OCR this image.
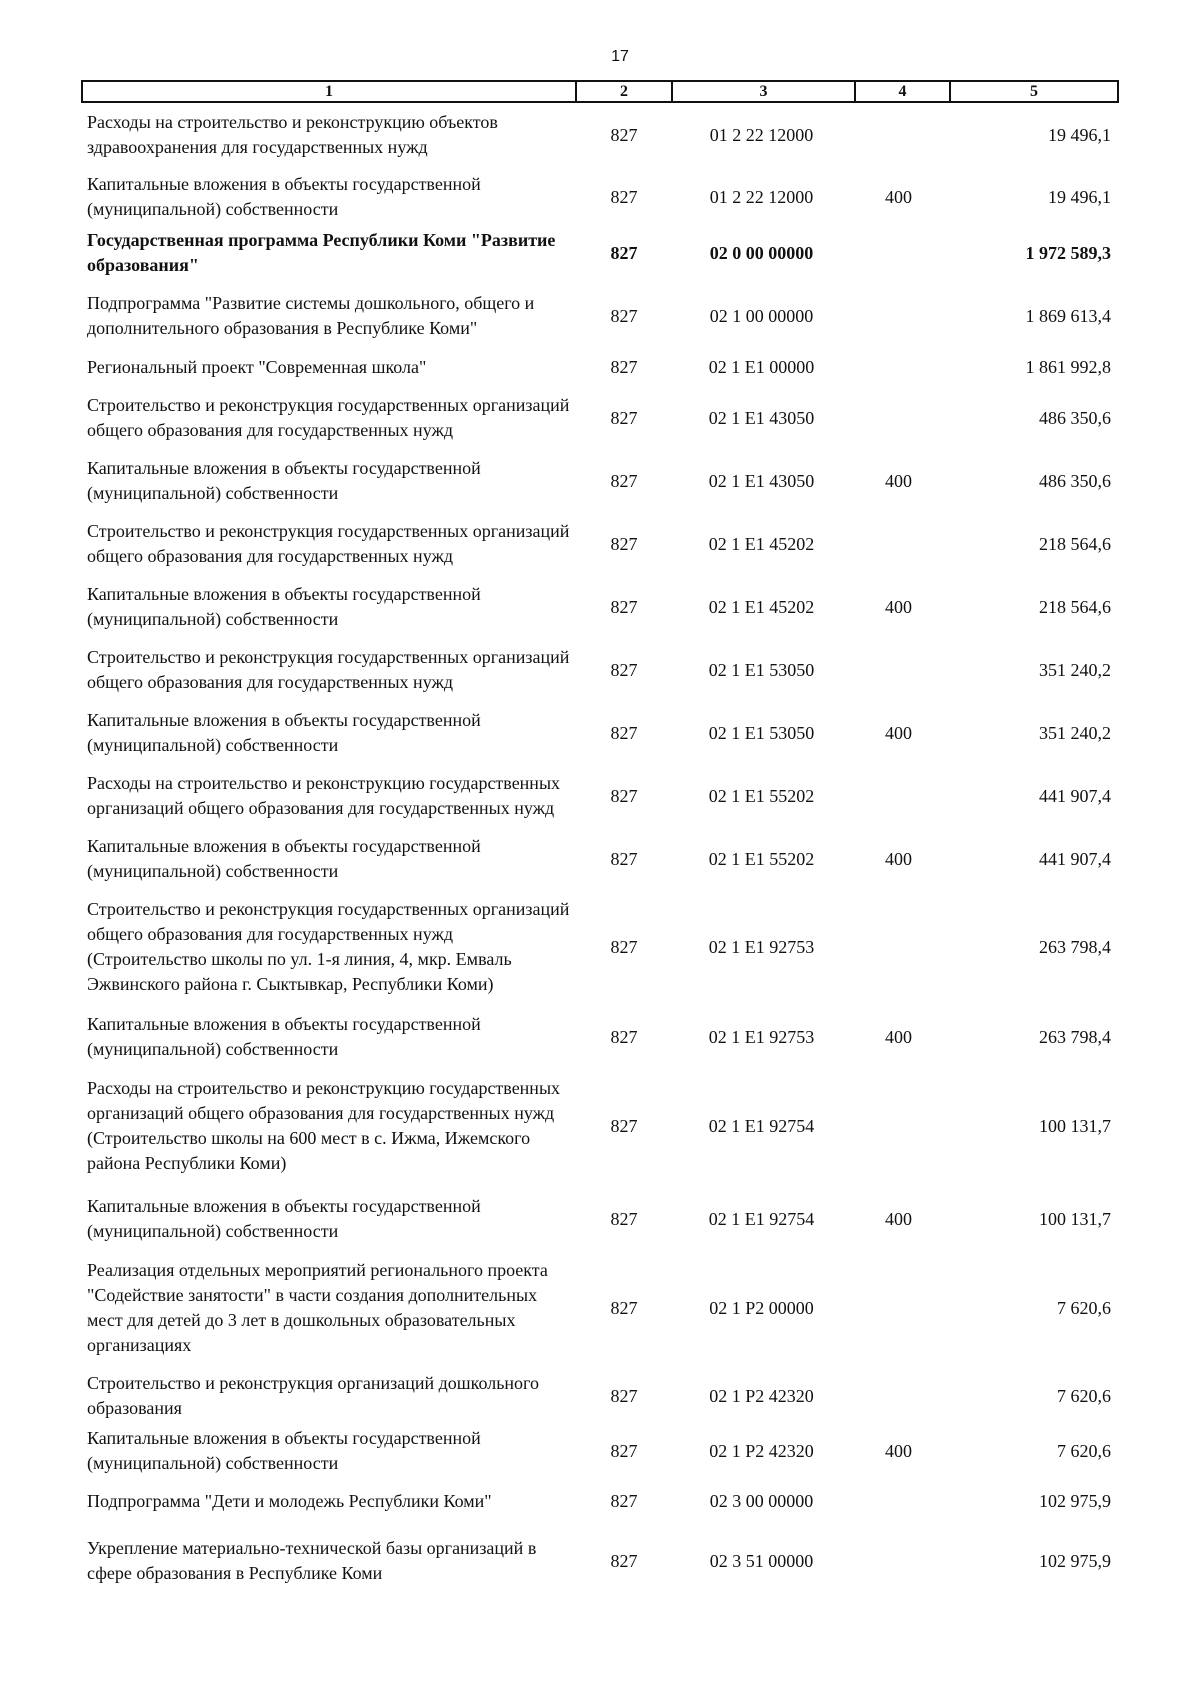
17
1	2	3	4	5
Расходы на строительство и реконструкцию объектов здравоохранения для государственных нужд	827	01 2 22 12000		19 496,1
Капитальные вложения в объекты государственной (муниципальной) собственности	827	01 2 22 12000	400	19 496,1
Государственная программа Республики Коми "Развитие образования"	827	02 0 00 00000		1 972 589,3
Подпрограмма "Развитие системы дошкольного, общего и дополнительного образования в Республике Коми"	827	02 1 00 00000		1 869 613,4
Региональный проект "Современная школа"	827	02 1 E1 00000		1 861 992,8
Строительство и реконструкция государственных организаций общего образования для государственных нужд	827	02 1 E1 43050		486 350,6
Капитальные вложения в объекты государственной (муниципальной) собственности	827	02 1 E1 43050	400	486 350,6
Строительство и реконструкция государственных организаций общего образования для государственных нужд	827	02 1 E1 45202		218 564,6
Капитальные вложения в объекты государственной (муниципальной) собственности	827	02 1 E1 45202	400	218 564,6
Строительство и реконструкция государственных организаций общего образования для государственных нужд	827	02 1 E1 53050		351 240,2
Капитальные вложения в объекты государственной (муниципальной) собственности	827	02 1 E1 53050	400	351 240,2
Расходы на строительство и реконструкцию государственных организаций общего образования для государственных нужд	827	02 1 E1 55202		441 907,4
Капитальные вложения в объекты государственной (муниципальной) собственности	827	02 1 E1 55202	400	441 907,4
Строительство и реконструкция государственных организаций общего образования для государственных нужд (Строительство школы по ул. 1-я линия, 4, мкр. Емваль Эжвинского района г. Сыктывкар, Республики Коми)	827	02 1 E1 92753		263 798,4
Капитальные вложения в объекты государственной (муниципальной) собственности	827	02 1 E1 92753	400	263 798,4
Расходы на строительство и реконструкцию государственных организаций общего образования для государственных нужд (Строительство школы на 600 мест в с. Ижма, Ижемского района Республики Коми)	827	02 1 E1 92754		100 131,7
Капитальные вложения в объекты государственной (муниципальной) собственности	827	02 1 E1 92754	400	100 131,7
Реализация отдельных мероприятий регионального проекта "Содействие занятости" в части создания дополнительных мест для детей до 3 лет в дошкольных образовательных организациях	827	02 1 P2 00000		7 620,6
Строительство и реконструкция организаций дошкольного образования	827	02 1 P2 42320		7 620,6
Капитальные вложения в объекты государственной (муниципальной) собственности	827	02 1 P2 42320	400	7 620,6
Подпрограмма "Дети и молодежь Республики Коми"	827	02 3 00 00000		102 975,9
Укрепление материально-технической базы организаций в сфере образования в Республике Коми	827	02 3 51 00000		102 975,9
